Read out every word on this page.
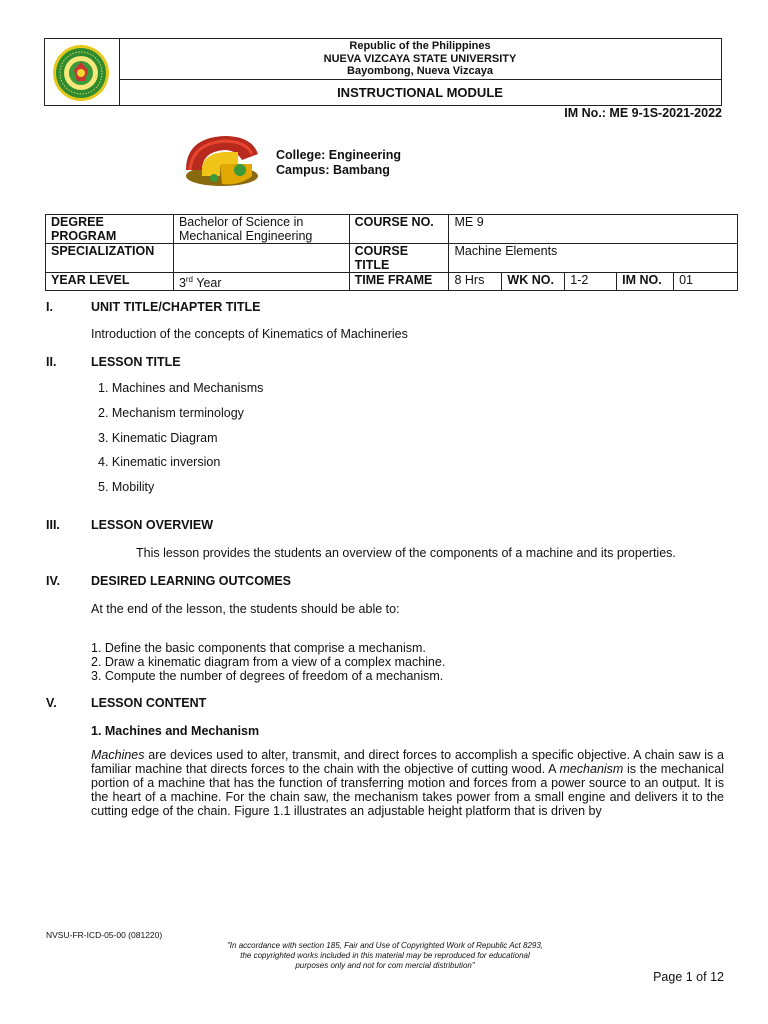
Republic of the Philippines
NUEVA VIZCAYA STATE UNIVERSITY
Bayombong, Nueva Vizcaya
INSTRUCTIONAL MODULE
IM No.: ME 9-1S-2021-2022
College: Engineering
Campus: Bambang
DEGREE PROGRAM	Bachelor of Science in Mechanical Engineering	COURSE NO.	ME 9				
SPECIALIZATION		COURSE TITLE	Machine Elements				
YEAR LEVEL	3rd Year	TIME FRAME	8 Hrs	WK NO.	1-2	IM NO.	01
I.	UNIT TITLE/CHAPTER TITLE
Introduction of the concepts of Kinematics of Machineries
II.	LESSON TITLE
1. Machines and Mechanisms
2. Mechanism terminology
3. Kinematic Diagram
4. Kinematic inversion
5. Mobility
III. LESSON OVERVIEW
This lesson provides the students an overview of the components of a machine and its properties.
IV. DESIRED LEARNING OUTCOMES
At the end of the lesson, the students should be able to:
1. Define the basic components that comprise a mechanism.
2. Draw a kinematic diagram from a view of a complex machine.
3. Compute the number of degrees of freedom of a mechanism.
V.	LESSON CONTENT
1. Machines and Mechanism
Machines are devices used to alter, transmit, and direct forces to accomplish a specific objective. A chain saw is a familiar machine that directs forces to the chain with the objective of cutting wood. A mechanism is the mechanical portion of a machine that has the function of transferring motion and forces from a power source to an output. It is the heart of a machine. For the chain saw, the mechanism takes power from a small engine and delivers it to the cutting edge of the chain. Figure 1.1 illustrates an adjustable height platform that is driven by
NVSU-FR-ICD-05-00 (081220)
"In accordance with section 185, Fair and Use of Copyrighted Work of Republic Act 8293,
the copyrighted works included in this material may be reproduced for educational
purposes only and not for com mercial distribution"
Page 1 of 12
